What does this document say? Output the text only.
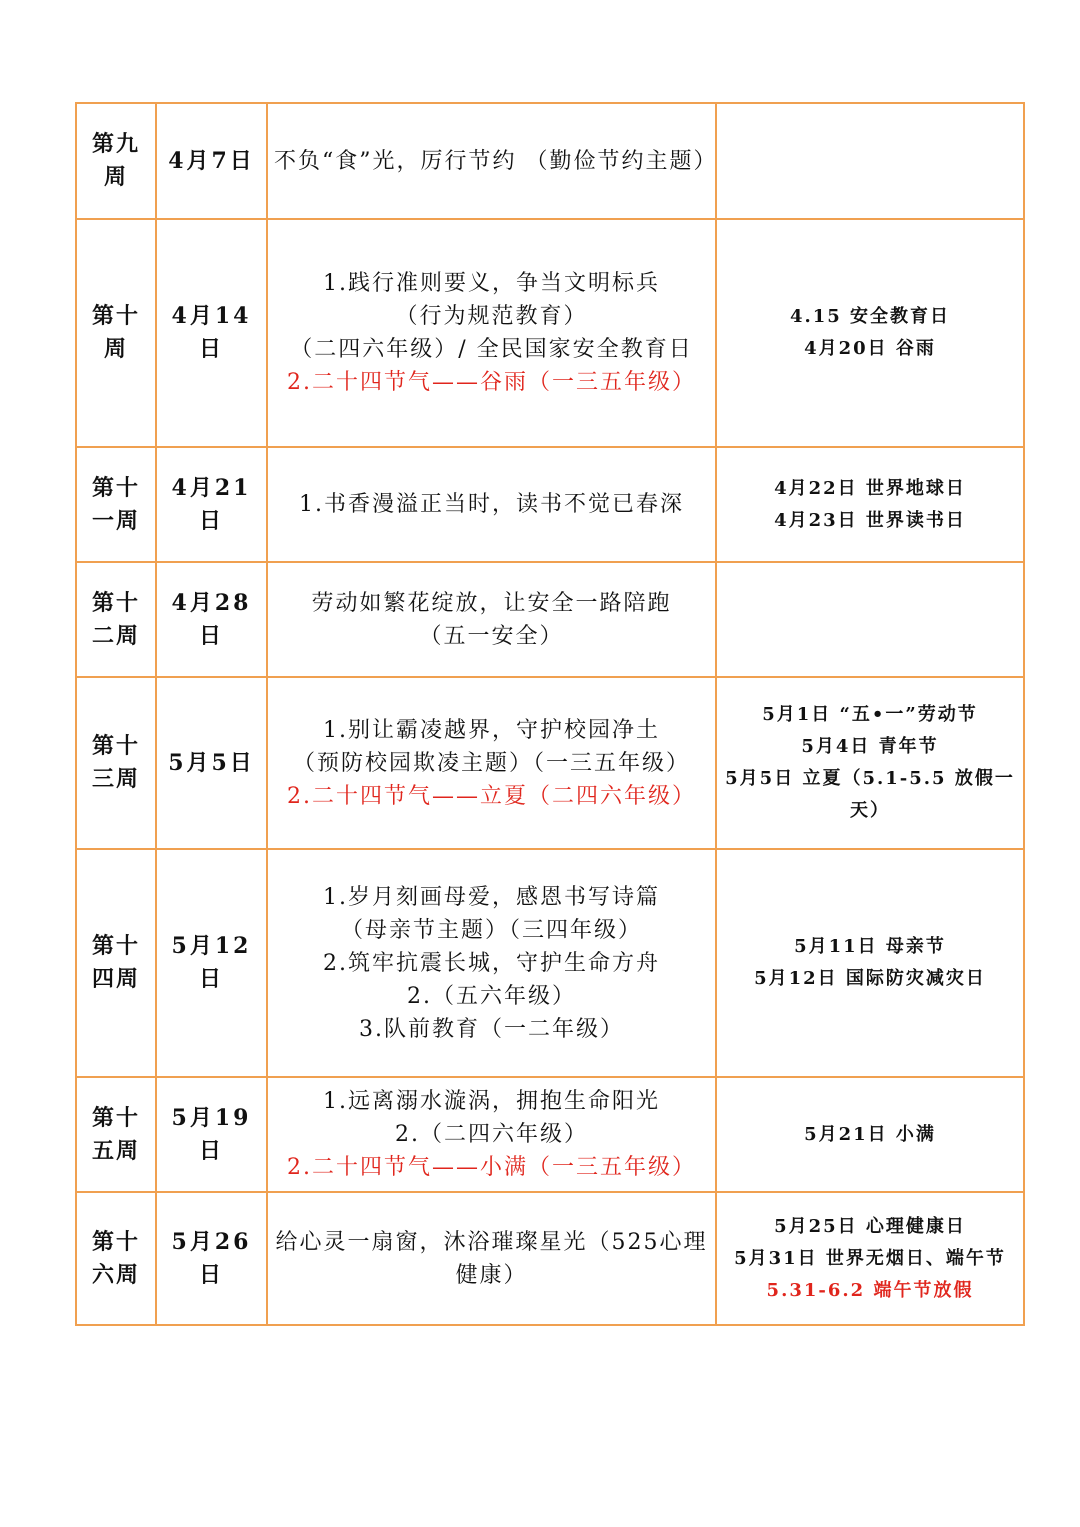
第九周	4月7日	不负“食”光，厉行节约 （勤俭节约主题）	

第十周	4月14日	1.践行准则要义，争当文明标兵
（行为规范教育）
（二四六年级）/ 全民国家安全教育日
2.二十四节气——谷雨（一三五年级）	4.15 安全教育日
4月20日 谷雨

第十一周	4月21日	1.书香漫溢正当时，读书不觉已春深	4月22日 世界地球日
4月23日 世界读书日

第十二周	4月28日	劳动如繁花绽放，让安全一路陪跑
（五一安全）	

第十三周	5月5日	1.别让霸凌越界，守护校园净土
（预防校园欺凌主题）（一三五年级）
2.二十四节气——立夏（二四六年级）	5月1日 “五•一”劳动节
5月4日 青年节
5月5日 立夏（5.1-5.5 放假一天）

第十四周	5月12日	1.岁月刻画母爱，感恩书写诗篇
（母亲节主题）（三四年级）
2.筑牢抗震长城，守护生命方舟
2.（五六年级）
3.队前教育（一二年级）	5月11日 母亲节
5月12日 国际防灾减灾日

第十五周	5月19日	1.远离溺水漩涡，拥抱生命阳光
2.（二四六年级）
2.二十四节气——小满（一三五年级）	5月21日 小满

第十六周	5月26日	给心灵一扇窗，沐浴璀璨星光（525心理健康）	5月25日 心理健康日
5月31日 世界无烟日、端午节
5.31-6.2 端午节放假
